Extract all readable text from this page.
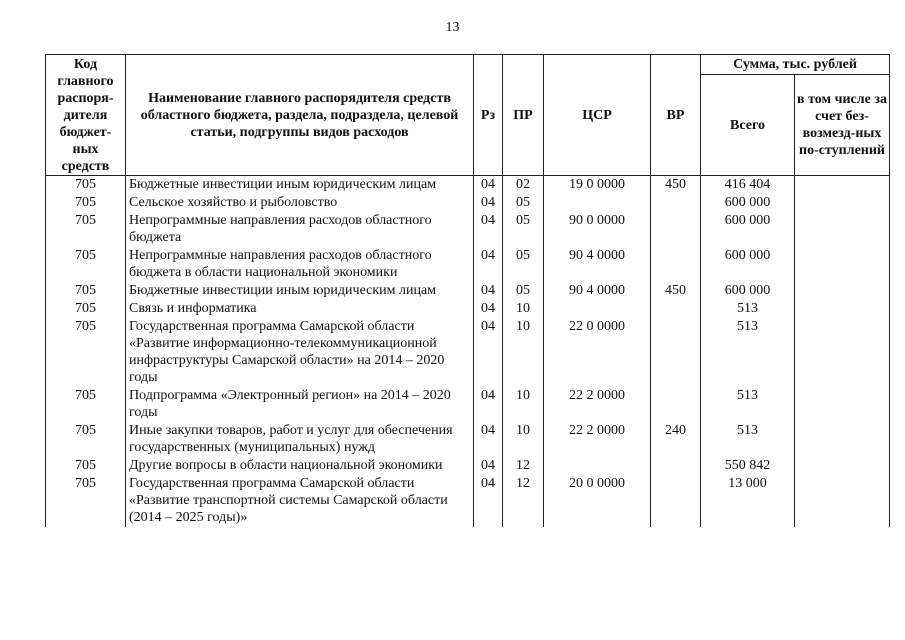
13
Код главного распоря-дителя бюджет-ных средств	Наименование главного распорядителя средств областного бюджета, раздела, подраздела, целевой статьи, подгруппы видов расходов	Рз	ПР	ЦСР	ВР	Сумма, тыс. рублей	
						Всего	в том числе за счет без-возмезд-ных по-ступлений
705	Бюджетные инвестиции иным юридическим лицам	04	02	19 0 0000	450	416 404	
705	Сельское хозяйство и рыболовство	04	05			600 000	
705	Непрограммные направления расходов областного бюджета	04	05	90 0 0000		600 000	
705	Непрограммные направления расходов областного бюджета в области национальной экономики	04	05	90 4 0000		600 000	
705	Бюджетные инвестиции иным юридическим лицам	04	05	90 4 0000	450	600 000	
705	Связь и информатика	04	10			513	
705	Государственная программа Самарской области «Развитие информационно-телекоммуникационной инфраструктуры Самарской области» на 2014 – 2020 годы	04	10	22 0 0000		513	
705	Подпрограмма «Электронный регион» на 2014 – 2020 годы	04	10	22 2 0000		513	
705	Иные закупки товаров, работ и услуг для обеспечения государственных (муниципальных) нужд	04	10	22 2 0000	240	513	
705	Другие вопросы в области национальной экономики	04	12			550 842	
705	Государственная программа Самарской области «Развитие транспортной системы Самарской области (2014 – 2025 годы)»	04	12	20 0 0000		13 000	
